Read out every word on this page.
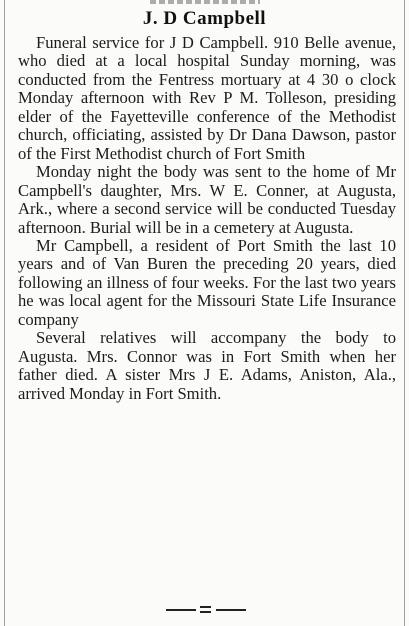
J. D Campbell

Funeral service for J D Campbell. 910 Belle avenue, who died at a local hospital Sunday morning, was conducted from the Fentress mortuary at 4 30 o clock Monday afternoon with Rev P M. Tolleson, presiding elder of the Fayetteville conference of the Methodist church, officiating, assisted by Dr Dana Dawson, pastor of the First Methodist church of Fort Smith

Monday night the body was sent to the home of Mr Campbell's daughter, Mrs. W E. Conner, at Augusta, Ark., where a second service will be conducted Tuesday afternoon. Burial will be in a cemetery at Augusta.

Mr Campbell, a resident of Port Smith the last 10 years and of Van Buren the preceding 20 years, died following an illness of four weeks. For the last two years he was local agent for the Missouri State Life Insurance company

Several relatives will accompany the body to Augusta. Mrs. Connor was in Fort Smith when her father died. A sister Mrs J E. Adams, Aniston, Ala., arrived Monday in Fort Smith.
